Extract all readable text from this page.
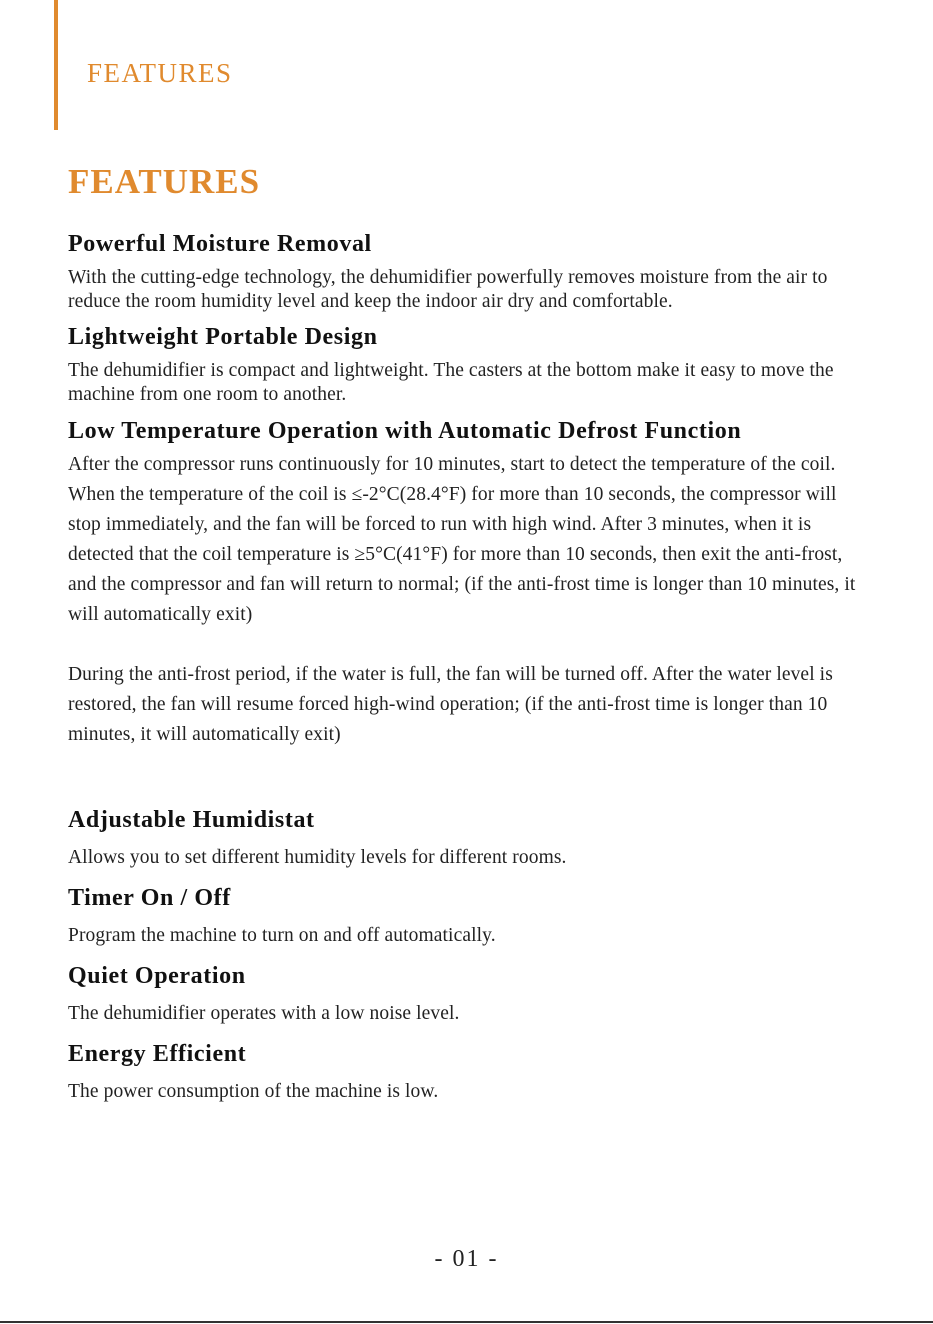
FEATURES
FEATURES
Powerful Moisture Removal

With the cutting-edge technology, the dehumidifier powerfully removes moisture from the air to reduce the room humidity level and keep the indoor air dry and comfortable.

Lightweight Portable Design

The dehumidifier is compact and lightweight. The casters at the bottom make it easy to move the machine from one room to another.

Low Temperature Operation with Automatic Defrost Function

After the compressor runs continuously for 10 minutes, start to detect the temperature of the coil. When the temperature of the coil is ≤-2°C(28.4°F) for more than 10 seconds, the compressor will stop immediately, and the fan will be forced to run with high wind. After 3 minutes, when it is detected that the coil temperature is ≥5°C(41°F) for more than 10 seconds, then exit the anti-frost, and the compressor and fan will return to normal; (if the anti-frost time is longer than 10 minutes, it will automatically exit)

During the anti-frost period, if the water is full, the fan will be turned off. After the water level is restored, the fan will resume forced high-wind operation; (if the anti-frost time is longer than 10 minutes, it will automatically exit)

Adjustable Humidistat

Allows you to set different humidity levels for different rooms.

Timer On / Off

Program the machine to turn on and off automatically.

Quiet Operation

The dehumidifier operates with a low noise level.

Energy Efficient

The power consumption of the machine is low.

- 01 -
